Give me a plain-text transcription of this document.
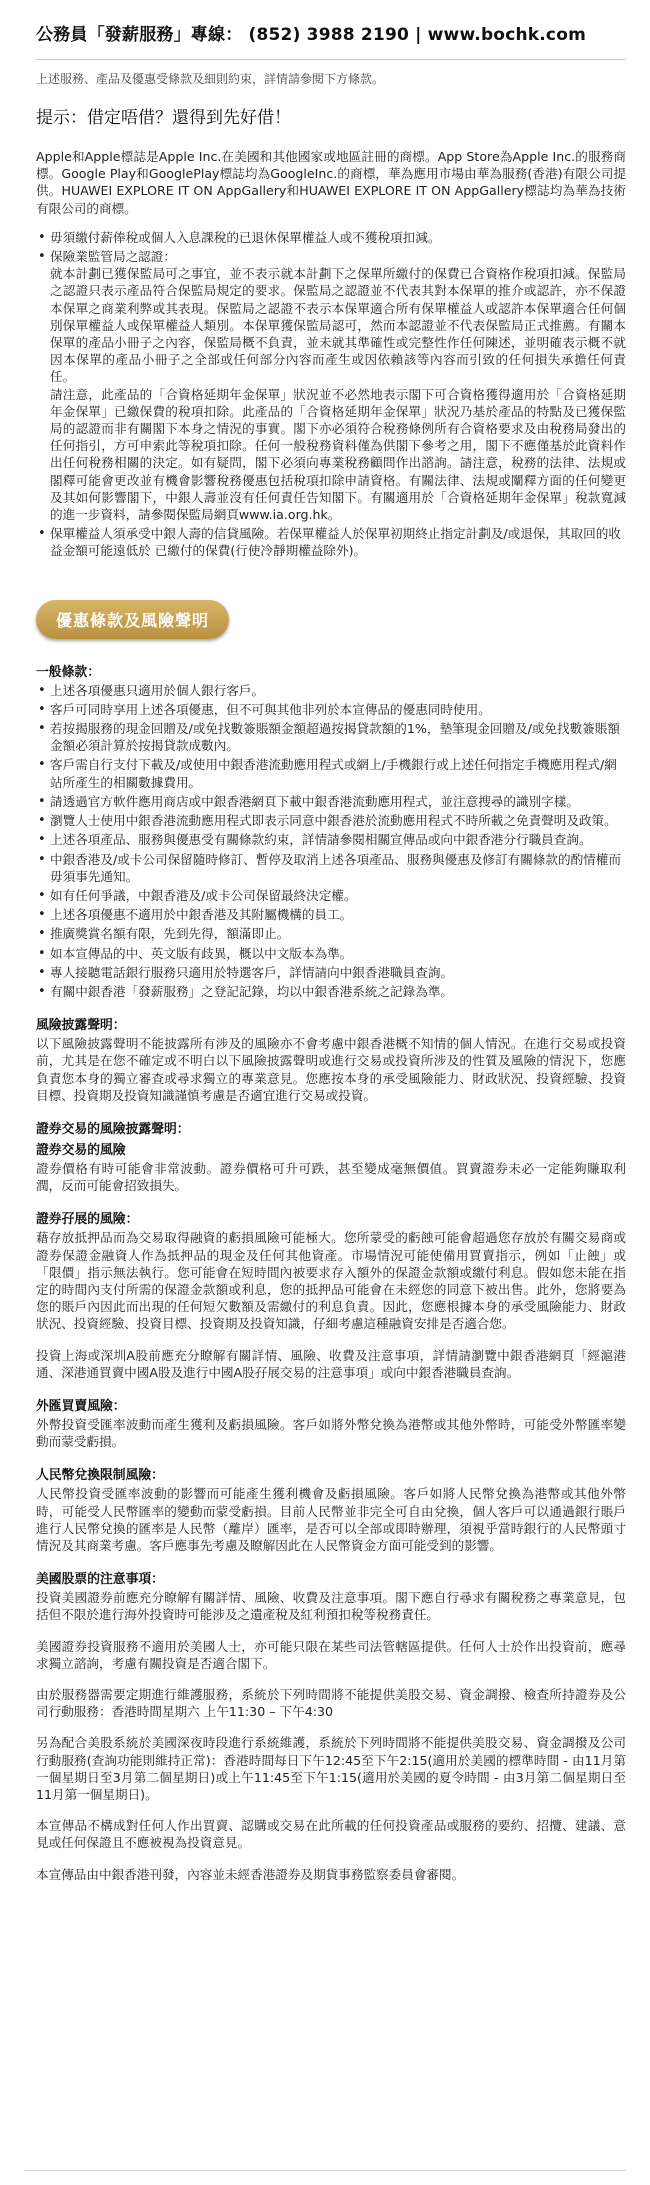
公務員「發薪服務」專線： (852) 3988 2190 | www.bochk.com

上述服務、產品及優惠受條款及細則約束，詳情請參閱下方條款。

提示：借定唔借？還得到先好借！

Apple和Apple標誌是Apple Inc.在美國和其他國家或地區註冊的商標。App Store為Apple Inc.的服務商標。Google Play和GooglePlay標誌均為GoogleInc.的商標，華為應用市場由華為服務(香港)有限公司提供。HUAWEI EXPLORE IT ON AppGallery和HUAWEI EXPLORE IT ON AppGallery標誌均為華為技術有限公司的商標。

• 毋須繳付薪俸稅或個人入息課稅的已退休保單權益人或不獲稅項扣減。
• 保險業監管局之認證：
就本計劃已獲保監局可之事宜，並不表示就本計劃下之保單所繳付的保費已合資格作稅項扣減。保監局之認證只表示產品符合保監局規定的要求。保監局之認證並不代表其對本保單的推介或認許，亦不保證本保單之商業利弊或其表現。保監局之認證不表示本保單適合所有保單權益人或認許本保單適合任何個別保單權益人或保單權益人類別。本保單獲保監局認可，然而本認證並不代表保監局正式推薦。有關本保單的產品小冊子之內容，保監局概不負責，並未就其準確性或完整性作任何陳述，並明確表示概不就因本保單的產品小冊子之全部或任何部分內容而產生或因依賴該等內容而引致的任何損失承擔任何責任。
請注意，此產品的「合資格延期年金保單」狀況並不必然地表示閣下可合資格獲得適用於「合資格延期年金保單」已繳保費的稅項扣除。此產品的「合資格延期年金保單」狀況乃基於產品的特點及已獲保監局的認證而非有關閣下本身之情況的事實。閣下亦必須符合稅務條例所有合資格要求及由稅務局發出的任何指引，方可申索此等稅項扣除。任何一般稅務資料僅為供閣下參考之用，閣下不應僅基於此資料作出任何稅務相關的決定。如有疑問，閣下必須向專業稅務顧問作出諮詢。請注意，稅務的法律、法規或閣釋可能會更改並有機會影響稅務優惠包括稅項扣除申請資格。有關法律、法規或闡釋方面的任何變更及其如何影響閣下，中銀人壽並沒有任何責任告知閣下。有關適用於「合資格延期年金保單」稅款寬減的進一步資料，請參閱保監局網頁www.ia.org.hk。
• 保單權益人須承受中銀人壽的信貸風險。若保單權益人於保單初期終止指定計劃及/或退保，其取回的收益金額可能遠低於 已繳付的保費(行使冷靜期權益除外)。
優惠條款及風險聲明
一般條款：
• 上述各項優惠只適用於個人銀行客戶。
• 客戶可同時享用上述各項優惠，但不可與其他非列於本宣傳品的優惠同時使用。
• 若按揭服務的現金回贈及/或免找數簽賬額金額超過按揭貸款額的1%，墊筆現金回贈及/或免找數簽賬額金額必須計算於按揭貸款成數內。
• 客戶需自行支付下載及/或使用中銀香港流動應用程式或網上/手機銀行或上述任何指定手機應用程式/網站所產生的相關數據費用。
• 請透過官方軟件應用商店或中銀香港網頁下載中銀香港流動應用程式，並注意搜尋的識別字樣。
• 瀏覽人士使用中銀香港流動應用程式即表示同意中銀香港於流動應用程式不時所載之免責聲明及政策。
• 上述各項產品、服務與優惠受有關條款約束，詳情請參閱相關宣傳品或向中銀香港分行職員查詢。
• 中銀香港及/或卡公司保留隨時修訂、暫停及取消上述各項產品、服務與優惠及修訂有關條款的酌情權而毋須事先通知。
• 如有任何爭議，中銀香港及/或卡公司保留最終決定權。
• 上述各項優惠不適用於中銀香港及其附屬機構的員工。
• 推廣獎賞名額有限，先到先得，額滿即止。
• 如本宣傳品的中、英文版有歧異，概以中文版本為準。
• 專人接聽電話銀行服務只適用於特選客戶，詳情請向中銀香港職員查詢。
• 有關中銀香港「發薪服務」之登記記錄，均以中銀香港系統之記錄為準。
風險披露聲明：

以下風險披露聲明不能披露所有涉及的風險亦不會考慮中銀香港概不知情的個人情況。在進行交易或投資前，尤其是在您不確定或不明白以下風險披露聲明或進行交易或投資所涉及的性質及風險的情況下，您應負責您本身的獨立審查或尋求獨立的專業意見。您應按本身的承受風險能力、財政狀況、投資經驗、投資目標、投資期及投資知識謹慎考慮是否適宜進行交易或投資。

證券交易的風險披露聲明：
證券交易的風險

證券價格有時可能會非常波動。證券價格可升可跌，甚至變成毫無價值。買賣證券未必一定能夠賺取利潤，反而可能會招致損失。

證券孖展的風險：

藉存放抵押品而為交易取得融資的虧損風險可能極大。您所蒙受的虧蝕可能會超過您存放於有關交易商或證券保證金融資人作為抵押品的現金及任何其他資產。市場情況可能使備用買賣指示，例如「止蝕」或「限價」指示無法執行。您可能會在短時間內被要求存入額外的保證金款額或繳付利息。假如您未能在指定的時間內支付所需的保證金款額或利息，您的抵押品可能會在未經您的同意下被出售。此外，您將要為您的賬戶內因此而出現的任何短欠數額及需繳付的利息負責。因此，您應根據本身的承受風險能力、財政狀況、投資經驗、投資目標、投資期及投資知識，仔細考慮這種融資安排是否適合您。

投資上海或深圳A股前應充分瞭解有關詳情、風險、收費及注意事項，詳情請瀏覽中銀香港網頁「經滬港通、深港通買賣中國A股及進行中國A股孖展交易的注意事項」或向中銀香港職員查詢。

外匯買賣風險：

外幣投資受匯率波動而產生獲利及虧損風險。客戶如將外幣兌換為港幣或其他外幣時，可能受外幣匯率變動而蒙受虧損。

人民幣兌換限制風險：

人民幣投資受匯率波動的影響而可能產生獲利機會及虧損風險。客戶如將人民幣兌換為港幣或其他外幣時，可能受人民幣匯率的變動而蒙受虧損。目前人民幣並非完全可自由兌換，個人客戶可以通過銀行賬戶進行人民幣兌換的匯率是人民幣（離岸）匯率，是否可以全部或即時辦理，須視乎當時銀行的人民幣頭寸情況及其商業考慮。客戶應事先考慮及瞭解因此在人民幣資金方面可能受到的影響。

美國股票的注意事項：

投資美國證券前應充分瞭解有關詳情、風險、收費及注意事項。閣下應自行尋求有關稅務之專業意見，包括但不限於進行海外投資時可能涉及之遺產稅及紅利預扣稅等稅務責任。

美國證券投資服務不適用於美國人士，亦可能只限在某些司法管轄區提供。任何人士於作出投資前，應尋求獨立諮詢，考慮有關投資是否適合閣下。

由於服務器需要定期進行維護服務，系統於下列時間將不能提供美股交易、資金調撥、檢查所持證券及公司行動服務：香港時間星期六 上午11:30 – 下午4:30

另為配合美股系統於美國深夜時段進行系統維護，系統於下列時間將不能提供美股交易、資金調撥及公司行動服務(查詢功能則維持正常)：香港時間每日下午12:45至下午2:15(適用於美國的標準時間 - 由11月第一個星期日至3月第二個星期日)或上午11:45至下午1:15(適用於美國的夏令時間 - 由3月第二個星期日至11月第一個星期日)。

本宣傳品不構成對任何人作出買賣、認購或交易在此所載的任何投資產品或服務的要約、招攬、建議、意見或任何保證且不應被視為投資意見。

本宣傳品由中銀香港刊發，內容並未經香港證券及期貨事務監察委員會審閱。
